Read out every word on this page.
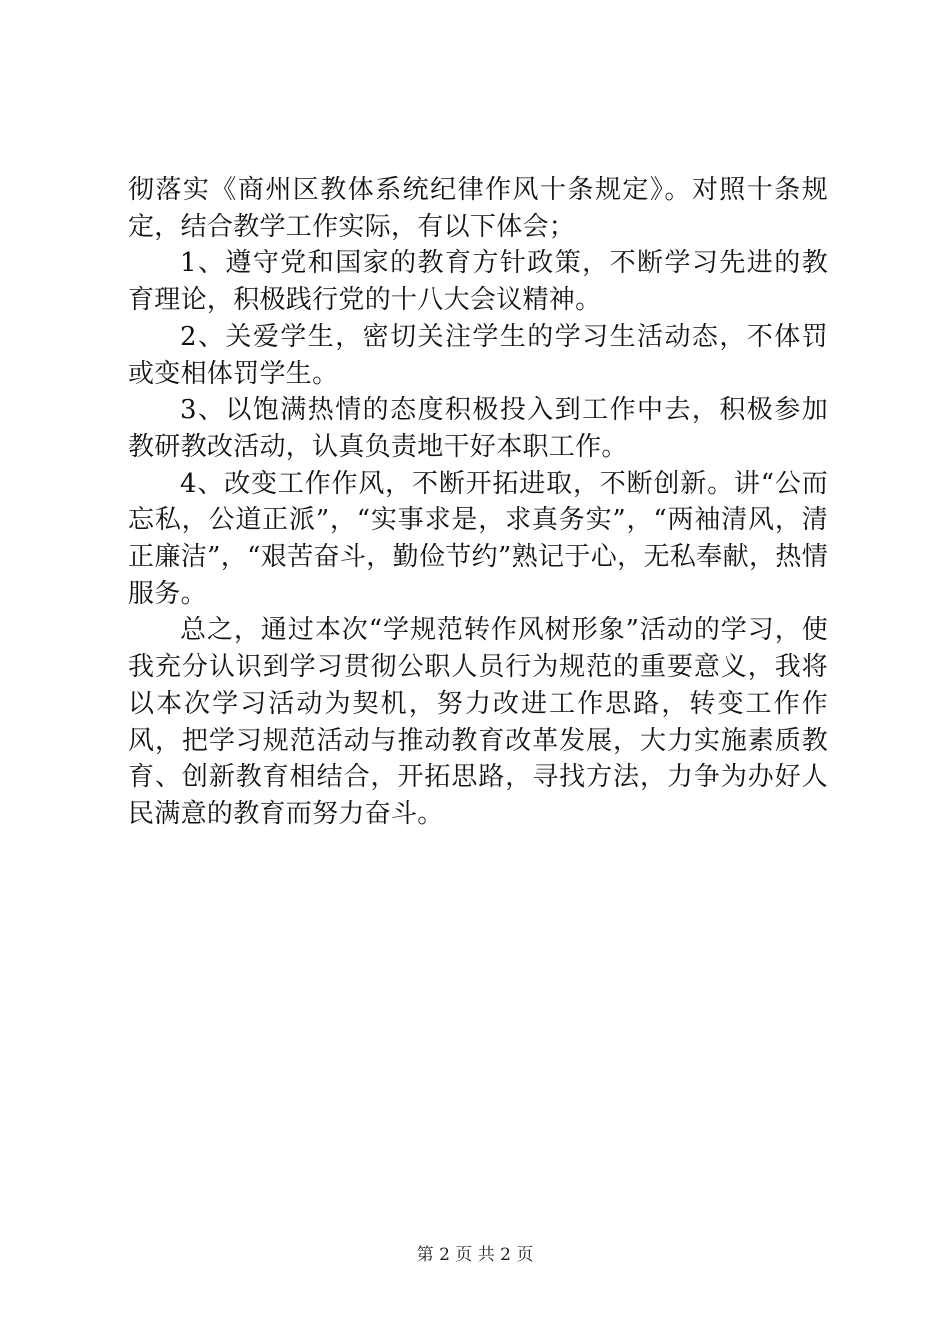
彻落实《商州区教体系统纪律作风十条规定》。对照十条规定，结合教学工作实际，有以下体会；

1、遵守党和国家的教育方针政策，不断学习先进的教育理论，积极践行党的十八大会议精神。

2、关爱学生，密切关注学生的学习生活动态，不体罚或变相体罚学生。

3、以饱满热情的态度积极投入到工作中去，积极参加教研教改活动，认真负责地干好本职工作。

4、改变工作作风，不断开拓进取，不断创新。讲“公而忘私，公道正派”，“实事求是，求真务实”，“两袖清风，清正廉洁”，“艰苦奋斗，勤俭节约”熟记于心，无私奉献，热情服务。

总之，通过本次“学规范转作风树形象”活动的学习，使我充分认识到学习贯彻公职人员行为规范的重要意义，我将以本次学习活动为契机，努力改进工作思路，转变工作作风，把学习规范活动与推动教育改革发展，大力实施素质教育、创新教育相结合，开拓思路，寻找方法，力争为办好人民满意的教育而努力奋斗。

第 2 页 共 2 页
